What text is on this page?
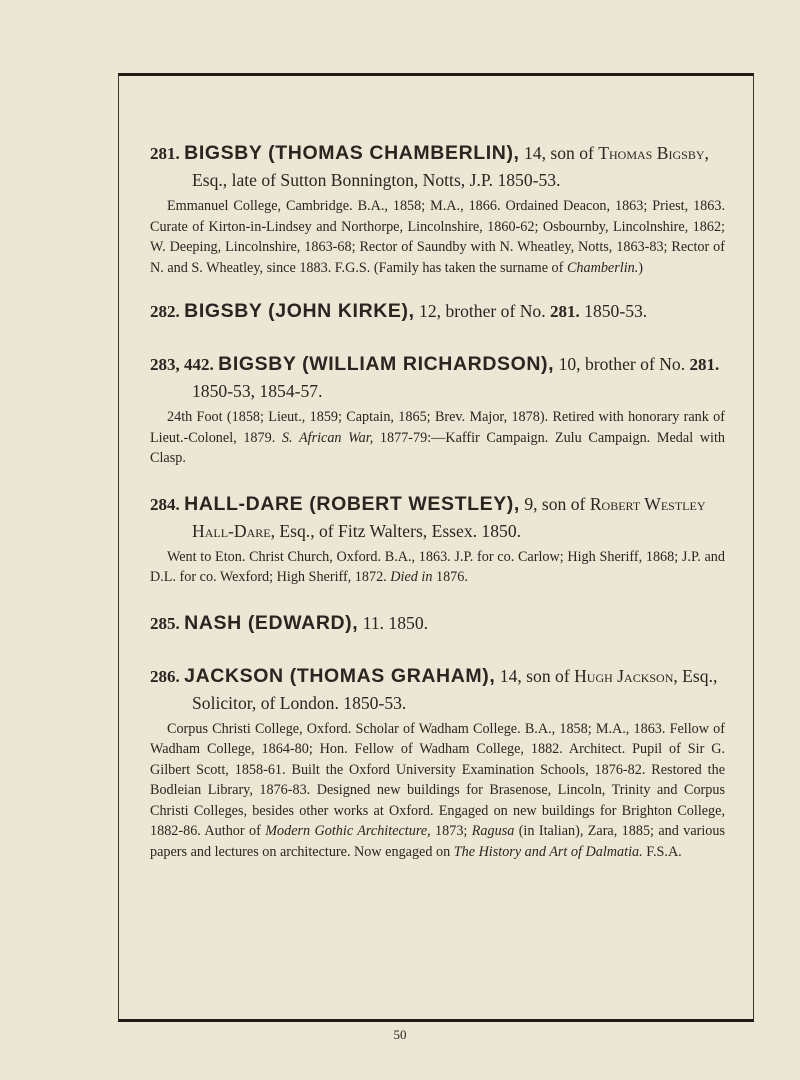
281. BIGSBY (THOMAS CHAMBERLIN), 14, son of Thomas Bigsby, Esq., late of Sutton Bonnington, Notts, J.P. 1850-53.

Emmanuel College, Cambridge. B.A., 1858; M.A., 1866. Ordained Deacon, 1863; Priest, 1863. Curate of Kirton-in-Lindsey and Northorpe, Lincolnshire, 1860-62; Osbournby, Lincolnshire, 1862; W. Deeping, Lincolnshire, 1863-68; Rector of Saundby with N. Wheatley, Notts, 1863-83; Rector of N. and S. Wheatley, since 1883. F.G.S. (Family has taken the surname of Chamberlin.)

282. BIGSBY (JOHN KIRKE), 12, brother of No. 281. 1850-53.

283, 442. BIGSBY (WILLIAM RICHARDSON), 10, brother of No. 281. 1850-53, 1854-57.

24th Foot (1858; Lieut., 1859; Captain, 1865; Brev. Major, 1878). Retired with honorary rank of Lieut.-Colonel, 1879. S. African War, 1877-79:—Kaffir Campaign. Zulu Campaign. Medal with Clasp.

284. HALL-DARE (ROBERT WESTLEY), 9, son of Robert Westley Hall-Dare, Esq., of Fitz Walters, Essex. 1850.

Went to Eton. Christ Church, Oxford. B.A., 1863. J.P. for co. Carlow; High Sheriff, 1868; J.P. and D.L. for co. Wexford; High Sheriff, 1872. Died in 1876.

285. NASH (EDWARD), 11. 1850.

286. JACKSON (THOMAS GRAHAM), 14, son of Hugh Jackson, Esq., Solicitor, of London. 1850-53.

Corpus Christi College, Oxford. Scholar of Wadham College. B.A., 1858; M.A., 1863. Fellow of Wadham College, 1864-80; Hon. Fellow of Wadham College, 1882. Architect. Pupil of Sir G. Gilbert Scott, 1858-61. Built the Oxford University Examination Schools, 1876-82. Restored the Bodleian Library, 1876-83. Designed new buildings for Brasenose, Lincoln, Trinity and Corpus Christi Colleges, besides other works at Oxford. Engaged on new buildings for Brighton College, 1882-86. Author of Modern Gothic Architecture, 1873; Ragusa (in Italian), Zara, 1885; and various papers and lectures on architecture. Now engaged on The History and Art of Dalmatia. F.S.A.

50
